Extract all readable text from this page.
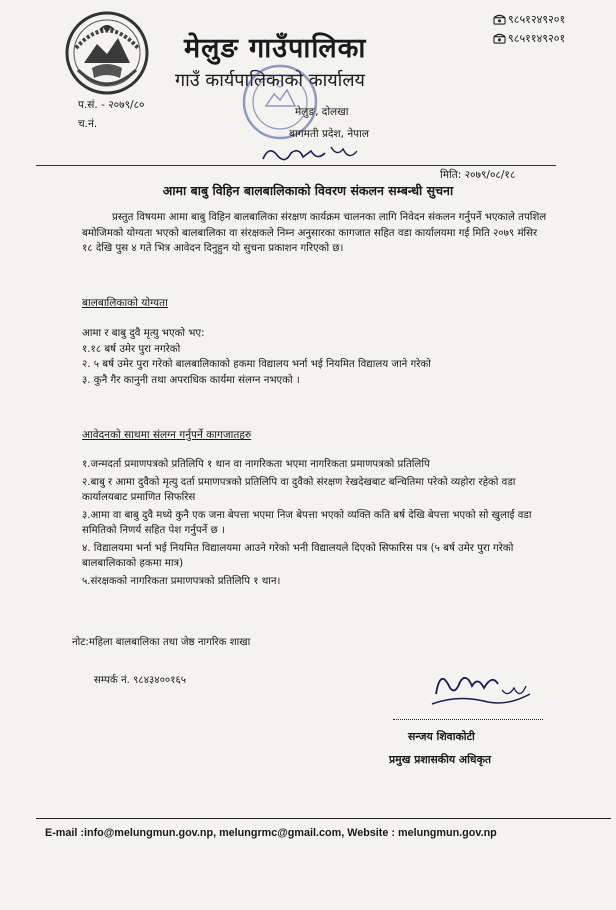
मेलुङ गाउँपालिका
गाउँ कार्यपालिकाको कार्यालय
९८५१२४९२०१
९८५११४९२०१
प.सं. - २०७९/८०
च.नं.
मेलुङ, दोलखा
बागमती प्रदेश, नेपाल
मिति: २०७९/०८/१८
आमा बाबु विहिन बालबालिकाको विवरण संकलन सम्बन्धी सुचना
प्रस्तुत विषयमा आमा बाबु विहिन बालबालिका संरक्षण कार्यक्रम चालनका लागि निवेदन संकलन गर्नुपर्ने भएकाले तपशिल बमोजिमको योग्यता भएको बालबालिका वा संरक्षकले निम्न अनुसारका कागजात सहित वडा कार्यालयमा गई मिति २०७९ मंसिर १८ देखि पुस ४ गते भित्र आवेदन दिनुहुन यो सुचना प्रकाशन गरिएको छ।
बालबालिकाको योग्यता
आमा र बाबु दुवै मृत्यु भएको भए:
१.१८ बर्ष उमेर पुरा नगरेको
२. ५ बर्ष उमेर पुरा गरेको बालबालिकाको हकमा विद्यालय भर्ना भई नियमित विद्यालय जाने गरेको
३. कुनै गैर कानुनी तथा अपराधिक कार्यमा संलग्न नभएको ।
आवेदनको साथमा संलग्न गर्नुपर्ने कागजातहरु

१.जन्मदर्ता प्रमाणपत्रको प्रतिलिपि १ थान वा नागरिकता भएमा नागरिकता प्रमाणपत्रको प्रतिलिपि

२.बाबु र आमा दुवैको मृत्यु दर्ता प्रमाणपत्रको प्रतिलिपि वा दुवैको संरक्षण रेखदेखबाट बन्चितिमा परेको व्यहोरा रहेको वडा कार्यालयबाट प्रमाणित सिफरिस

३.आमा वा बाबु दुवै मध्ये कुनै एक जना बेपत्ता भएमा निज बेपत्ता भएको व्यक्ति कति बर्ष देखि बेपत्ता भएको सो खुलाई वडा समितिको निणर्य सहित पेश गर्नुपर्ने छ ।

४. विद्यालयमा भर्ना भई नियमित विद्यालयमा आउने गरेको भनी विद्यालयले दिएको सिफारिस पत्र (५ बर्ष उमेर पुरा गरेको बालबालिकाको हकमा मात्र)

५.संरक्षकको नागरिकता प्रमाणपत्रको प्रतिलिपि १ थान।

नोट:महिला बालबालिका तथा जेष्ठ नागरिक शाखा
सम्पर्क नं. ९८४३४००१६५
सन्जय शिवाकोटी
प्रमुख प्रशासकीय अधिकृत
E-mail :info@melungmun.gov.np, melungrmc@gmail.com, Website : melungmun.gov.np
